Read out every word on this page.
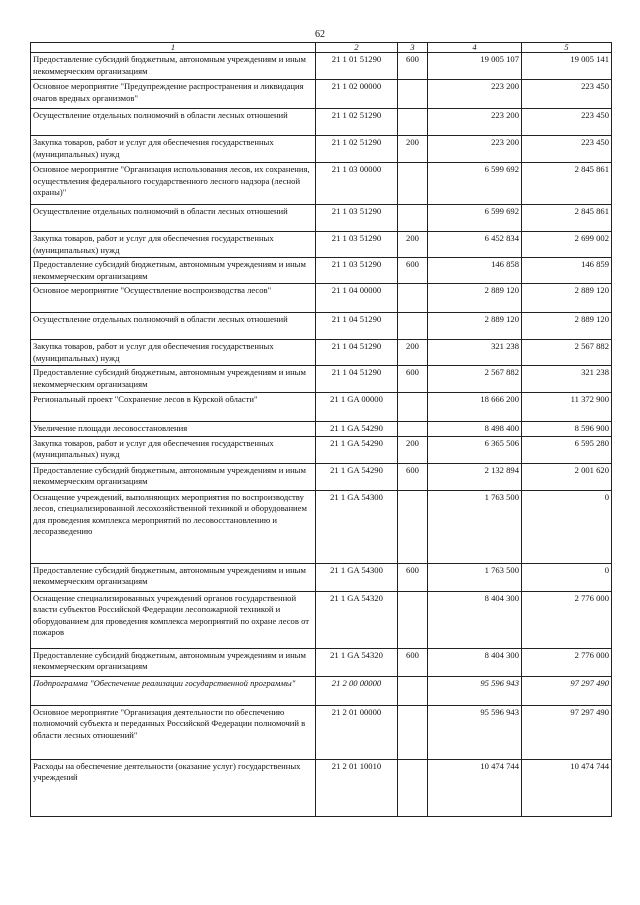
62
1	2	3	4	5
Предоставление субсидий бюджетным, автономным учреждениям и иным некоммерческим организациям	21 1 01 51290	600	19 005 107	19 005 141
Основное мероприятие "Предупреждение распространения и ликвидация очагов вредных организмов"	21 1 02 00000		223 200	223 450
Осуществление отдельных полномочий в области лесных отношений	21 1 02 51290		223 200	223 450
Закупка товаров, работ и услуг для обеспечения государственных (муниципальных) нужд	21 1 02 51290	200	223 200	223 450
Основное мероприятие "Организация использования лесов, их сохранения, осуществления федерального государственного лесного надзора (лесной охраны)"	21 1 03 00000		6 599 692	2 845 861
Осуществление отдельных полномочий в области лесных отношений	21 1 03 51290		6 599 692	2 845 861
Закупка товаров, работ и услуг для обеспечения государственных (муниципальных) нужд	21 1 03 51290	200	6 452 834	2 699 002
Предоставление субсидий бюджетным, автономным учреждениям и иным некоммерческим организациям	21 1 03 51290	600	146 858	146 859
Основное мероприятие "Осуществление воспроизводства лесов"	21 1 04 00000		2 889 120	2 889 120
Осуществление отдельных полномочий в области лесных отношений	21 1 04 51290		2 889 120	2 889 120
Закупка товаров, работ и услуг для обеспечения государственных (муниципальных) нужд	21 1 04 51290	200	321 238	2 567 882
Предоставление субсидий бюджетным, автономным учреждениям и иным некоммерческим организациям	21 1 04 51290	600	2 567 882	321 238
Региональный проект "Сохранение лесов в Курской области"	21 1 GA 00000		18 666 200	11 372 900
Увеличение площади лесовосстановления	21 1 GA 54290		8 498 400	8 596 900
Закупка товаров, работ и услуг для обеспечения государственных (муниципальных) нужд	21 1 GA 54290	200	6 365 506	6 595 280
Предоставление субсидий бюджетным, автономным учреждениям и иным некоммерческим организациям	21 1 GA 54290	600	2 132 894	2 001 620
Оснащение учреждений, выполняющих мероприятия по воспроизводству лесов, специализированной лесохозяйственной техникой и оборудованием для проведения комплекса мероприятий по лесовосстановлению и лесоразведению	21 1 GA 54300		1 763 500	0
Предоставление субсидий бюджетным, автономным учреждениям и иным некоммерческим организациям	21 1 GA 54300	600	1 763 500	0
Оснащение специализированных учреждений органов государственной власти субъектов Российской Федерации лесопожарной техникой и оборудованием для проведения комплекса мероприятий по охране лесов от пожаров	21 1 GA 54320		8 404 300	2 776 000
Предоставление субсидий бюджетным, автономным учреждениям и иным некоммерческим организациям	21 1 GA 54320	600	8 404 300	2 776 000
Подпрограмма "Обеспечение реализации государственной программы"	21 2 00 00000		95 596 943	97 297 490
Основное мероприятие "Организация деятельности по обеспечению полномочий субъекта и переданных Российской Федерации полномочий в области лесных отношений"	21 2 01 00000		95 596 943	97 297 490
Расходы на обеспечение деятельности (оказание услуг) государственных учреждений	21 2 01 10010		10 474 744	10 474 744
